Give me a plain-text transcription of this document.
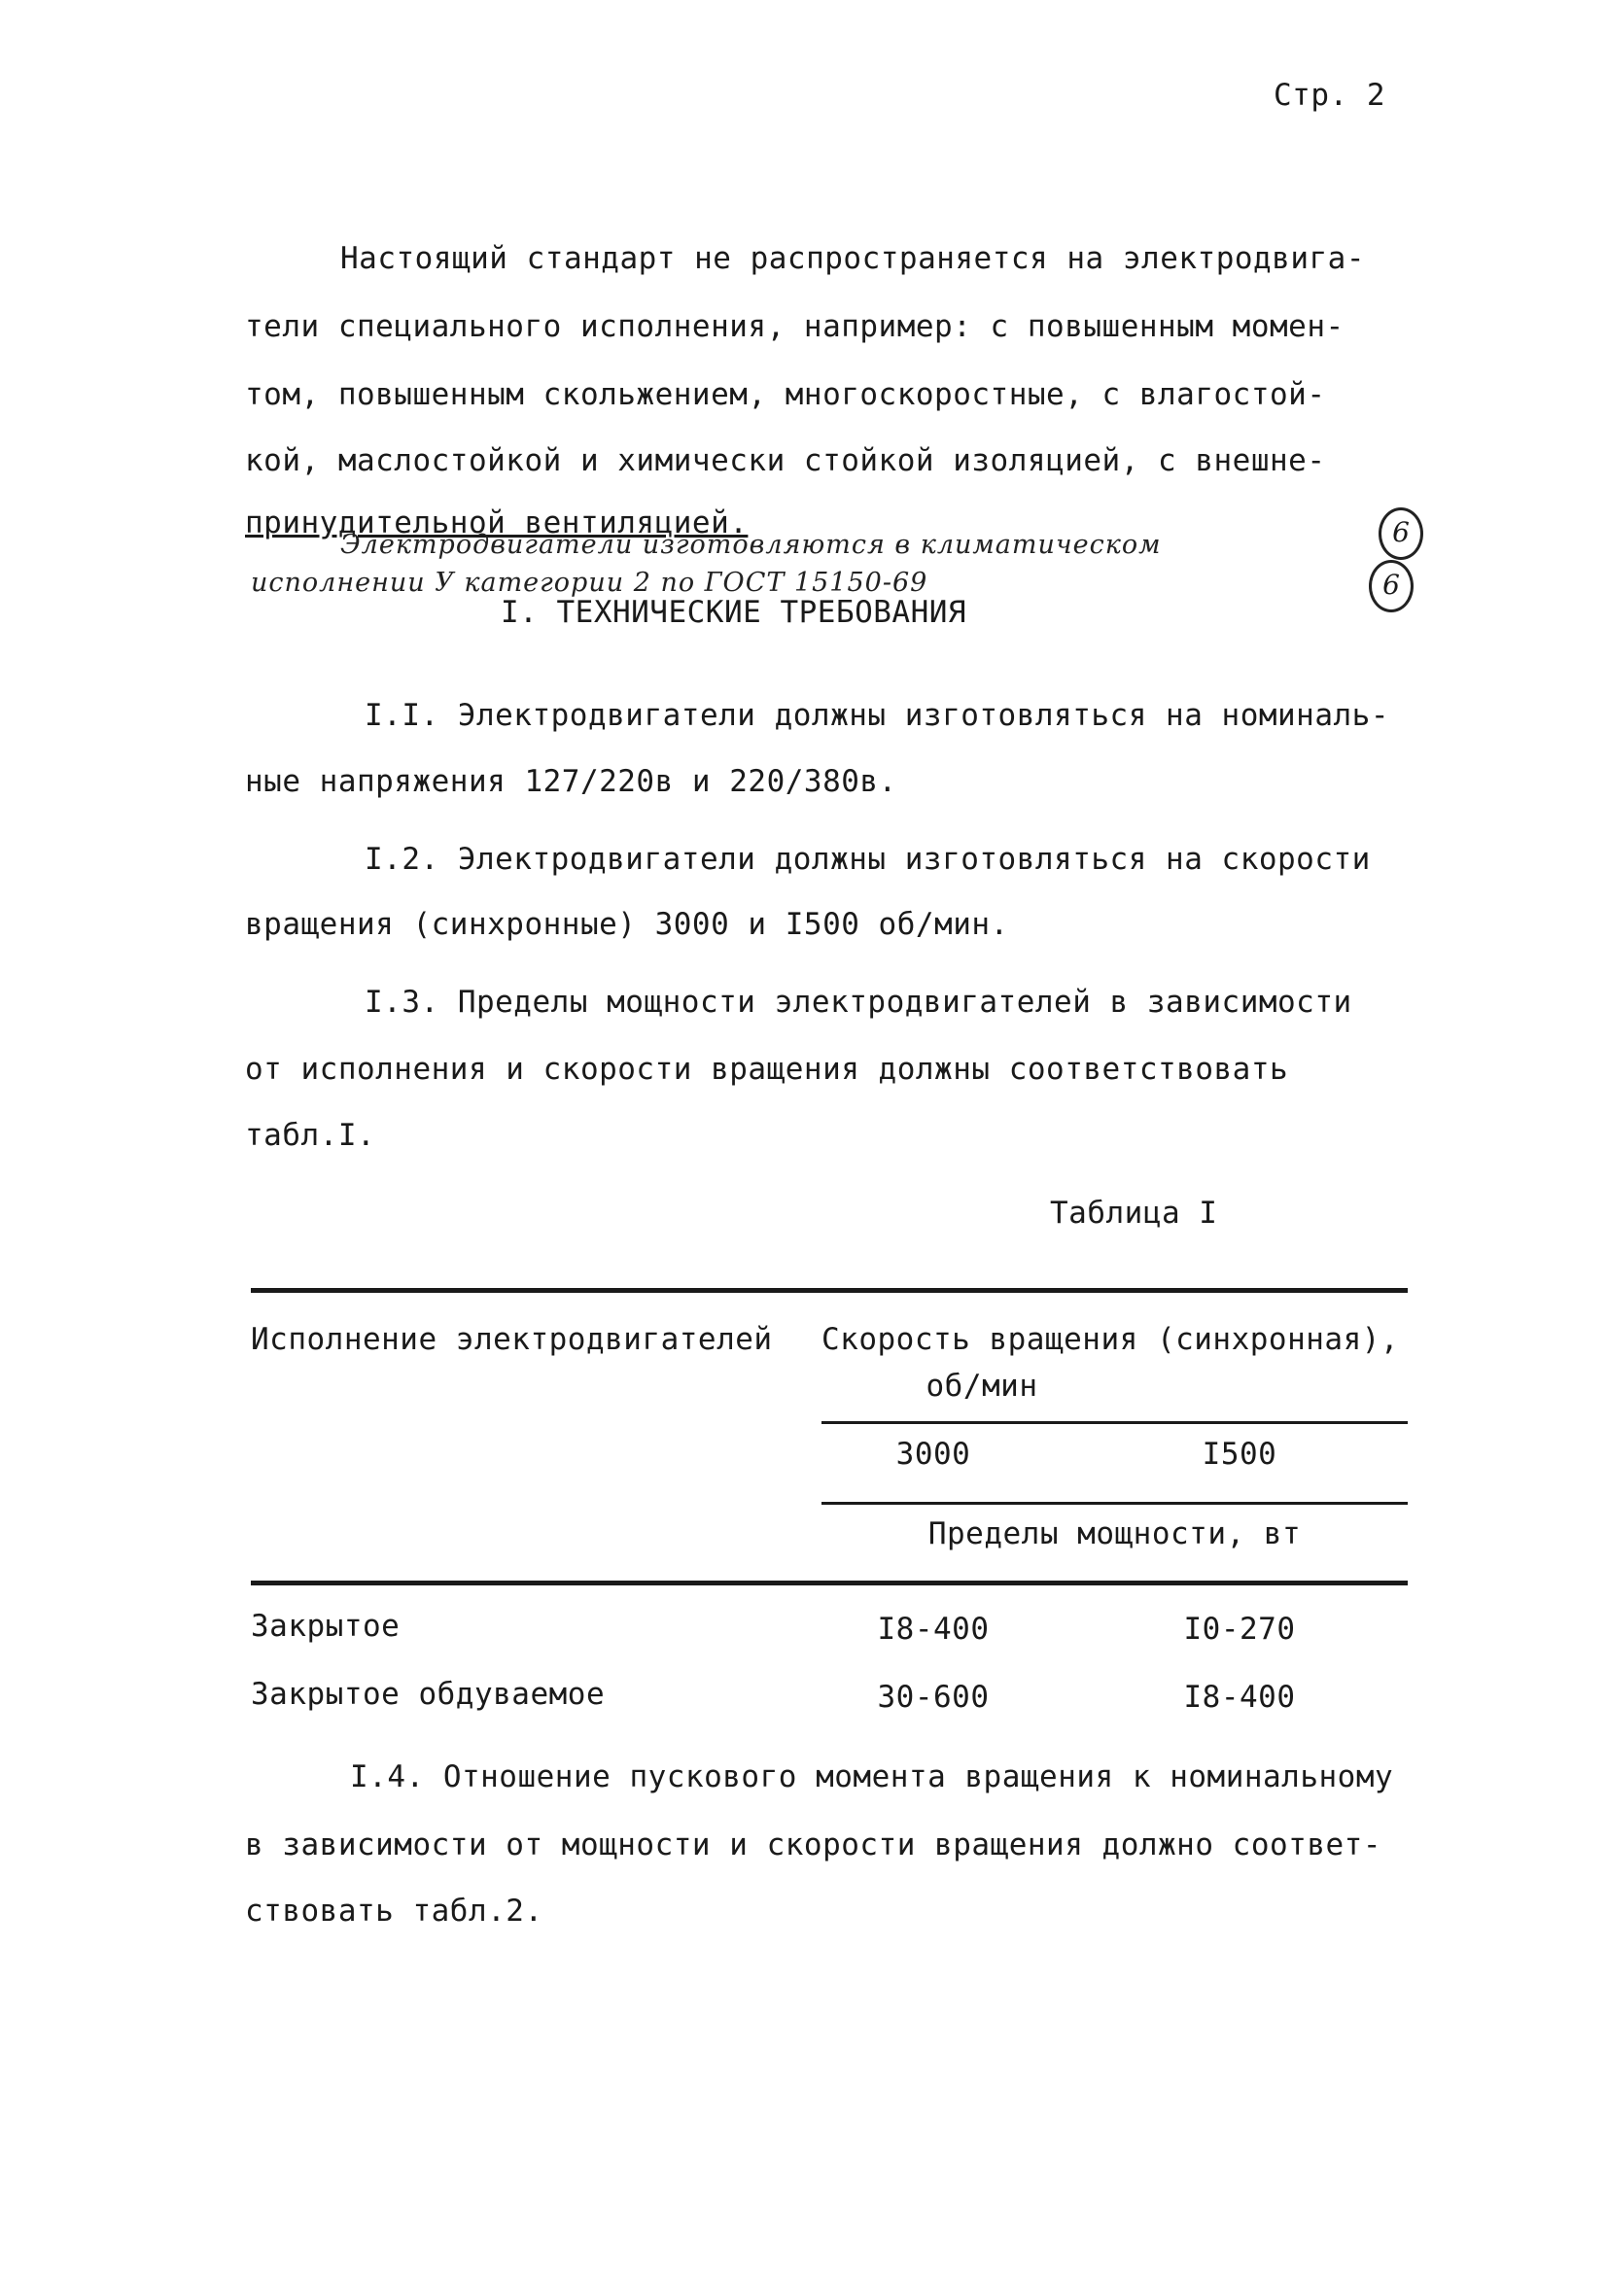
Стр. 2
Настоящий стандарт не распространяется на электродвига-
тели специального исполнения, например: с повышенным момен-
том, повышенным скольжением, многоскоростные, с влагостой-
кой, маслостойкой и химически стойкой изоляцией, с внешне-
принудительной вентиляцией.
Электродвигатели изготовляются в климатическом
исполнении У категории 2 по ГОСТ 15150-69
6
6
I. ТЕХНИЧЕСКИЕ ТРЕБОВАНИЯ
I.I. Электродвигатели должны изготовляться на номиналь-
ные напряжения 127/220в и 220/380в.
I.2. Электродвигатели должны изготовляться на скорости
вращения (синхронные) 3000 и I500 об/мин.
I.3. Пределы мощности электродвигателей в зависимости
от исполнения и скорости вращения должны соответствовать
табл.I.
Таблица I
Исполнение электродвигателей Скорость вращения (синхронная),
об/мин
3000	I500
Пределы мощности, вт
Закрытое	I8-400	I0-270
Закрытое обдуваемое	30-600	I8-400
I.4. Отношение пускового момента вращения к номинальному
в зависимости от мощности и скорости вращения должно соответ-
ствовать табл.2.
